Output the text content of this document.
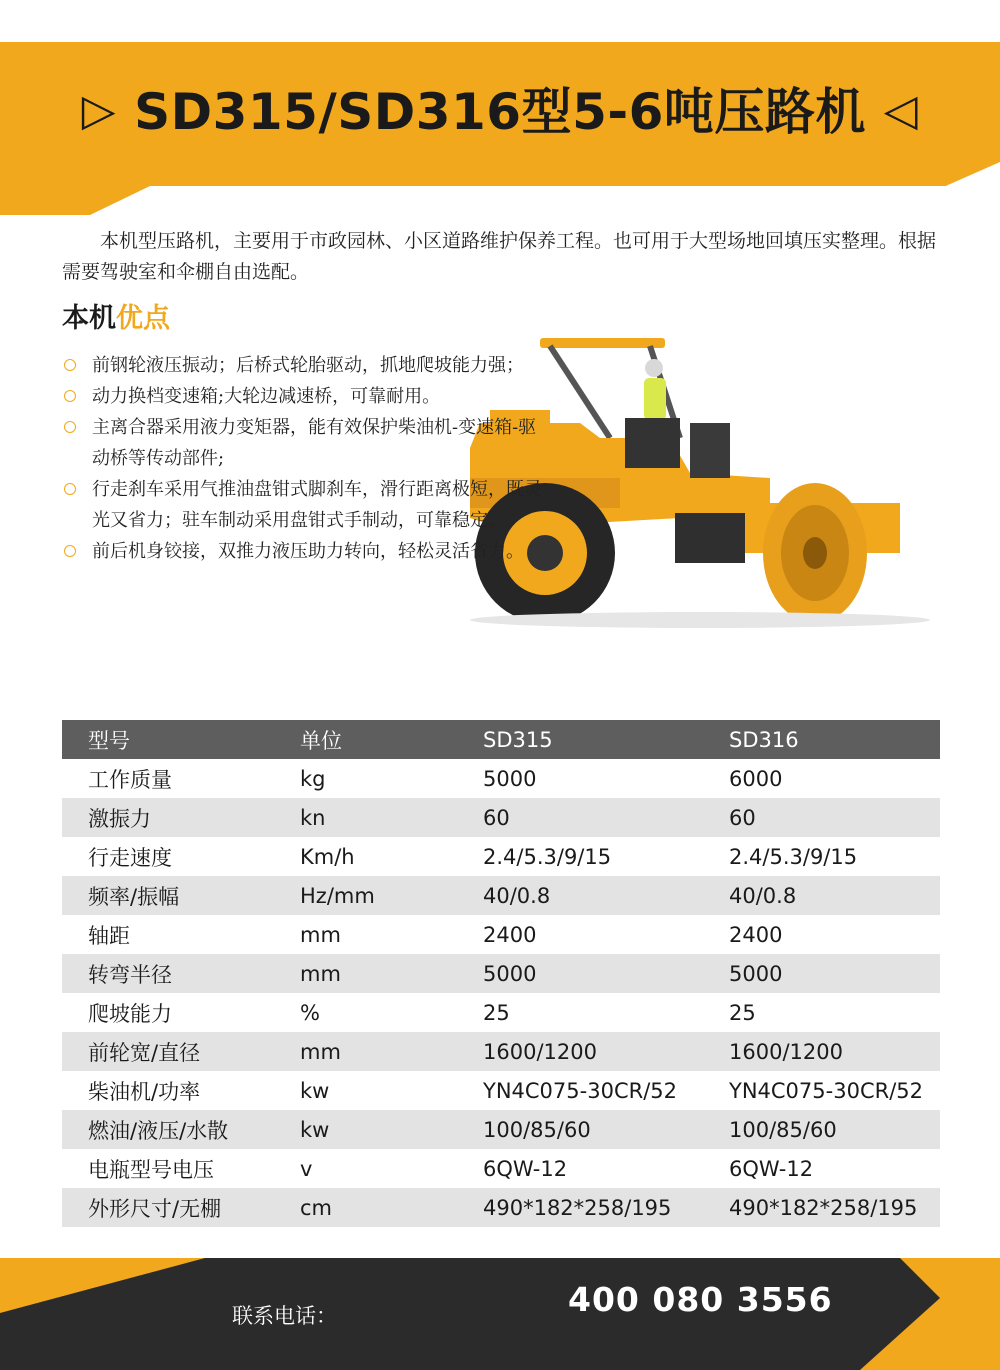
▷ SD315/SD316型5-6吨压路机 ◁

本机型压路机，主要用于市政园林、小区道路维护保养工程。也可用于大型场地回填压实整理。根据需要驾驶室和伞棚自由选配。

本机优点
前钢轮液压振动；后桥式轮胎驱动，抓地爬坡能力强；
动力换档变速箱;大轮边减速桥，可靠耐用。
主离合器采用液力变矩器，能有效保护柴油机-变速箱-驱动桥等传动部件;
行走刹车采用气推油盘钳式脚刹车，滑行距离极短，既灵光又省力；驻车制动采用盘钳式手制动，可靠稳定。
前后机身铰接，双推力液压助力转向，轻松灵活省力。
型号	单位	SD315	SD316
工作质量	kg	5000	6000
激振力	kn	60	60
行走速度	Km/h	2.4/5.3/9/15	2.4/5.3/9/15
频率/振幅	Hz/mm	40/0.8	40/0.8
轴距	mm	2400	2400
转弯半径	mm	5000	5000
爬坡能力	%	25	25
前轮宽/直径	mm	1600/1200	1600/1200
柴油机/功率	kw	YN4C075-30CR/52	YN4C075-30CR/52
燃油/液压/水散	kw	100/85/60	100/85/60
电瓶型号电压	v	6QW-12	6QW-12
外形尺寸/无棚	cm	490*182*258/195	490*182*258/195
联系电话：	400 080 3556
